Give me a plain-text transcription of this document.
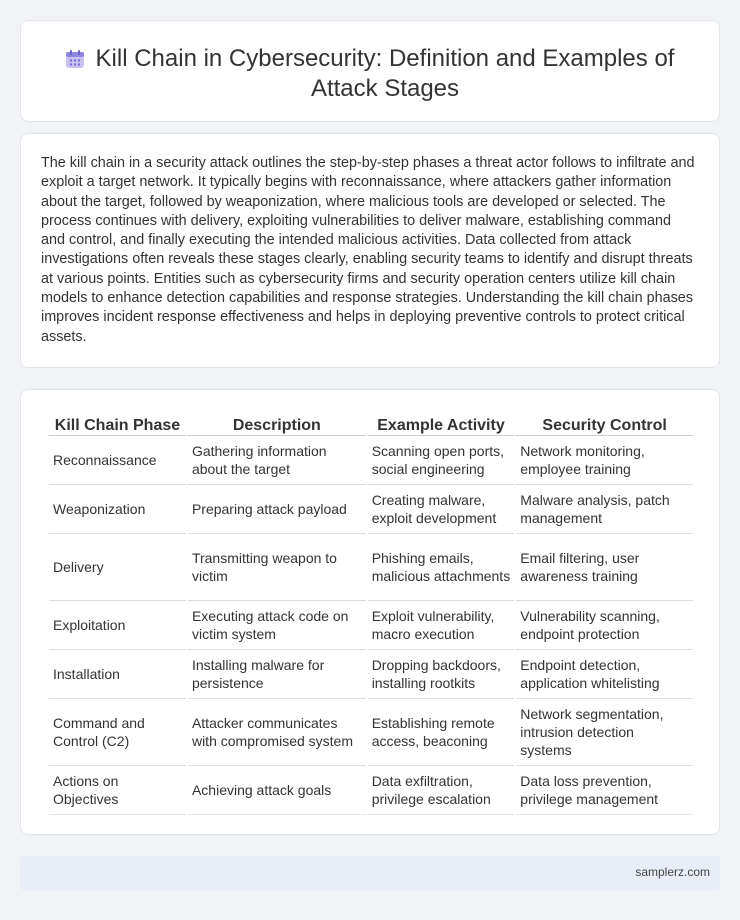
Kill Chain in Cybersecurity: Definition and Examples of Attack Stages

The kill chain in a security attack outlines the step-by-step phases a threat actor follows to infiltrate and exploit a target network. It typically begins with reconnaissance, where attackers gather information about the target, followed by weaponization, where malicious tools are developed or selected. The process continues with delivery, exploiting vulnerabilities to deliver malware, establishing command and control, and finally executing the intended malicious activities. Data collected from attack investigations often reveals these stages clearly, enabling security teams to identify and disrupt threats at various points. Entities such as cybersecurity firms and security operation centers utilize kill chain models to enhance detection capabilities and response strategies. Understanding the kill chain phases improves incident response effectiveness and helps in deploying preventive controls to protect critical assets.

Kill Chain Phase	Description	Example Activity	Security Control
Reconnaissance	Gathering information about the target	Scanning open ports, social engineering	Network monitoring, employee training
Weaponization	Preparing attack payload	Creating malware, exploit development	Malware analysis, patch management
Delivery	Transmitting weapon to victim	Phishing emails, malicious attachments	Email filtering, user awareness training
Exploitation	Executing attack code on victim system	Exploit vulnerability, macro execution	Vulnerability scanning, endpoint protection
Installation	Installing malware for persistence	Dropping backdoors, installing rootkits	Endpoint detection, application whitelisting
Command and Control (C2)	Attacker communicates with compromised system	Establishing remote access, beaconing	Network segmentation, intrusion detection systems
Actions on Objectives	Achieving attack goals	Data exfiltration, privilege escalation	Data loss prevention, privilege management
samplerz.com
